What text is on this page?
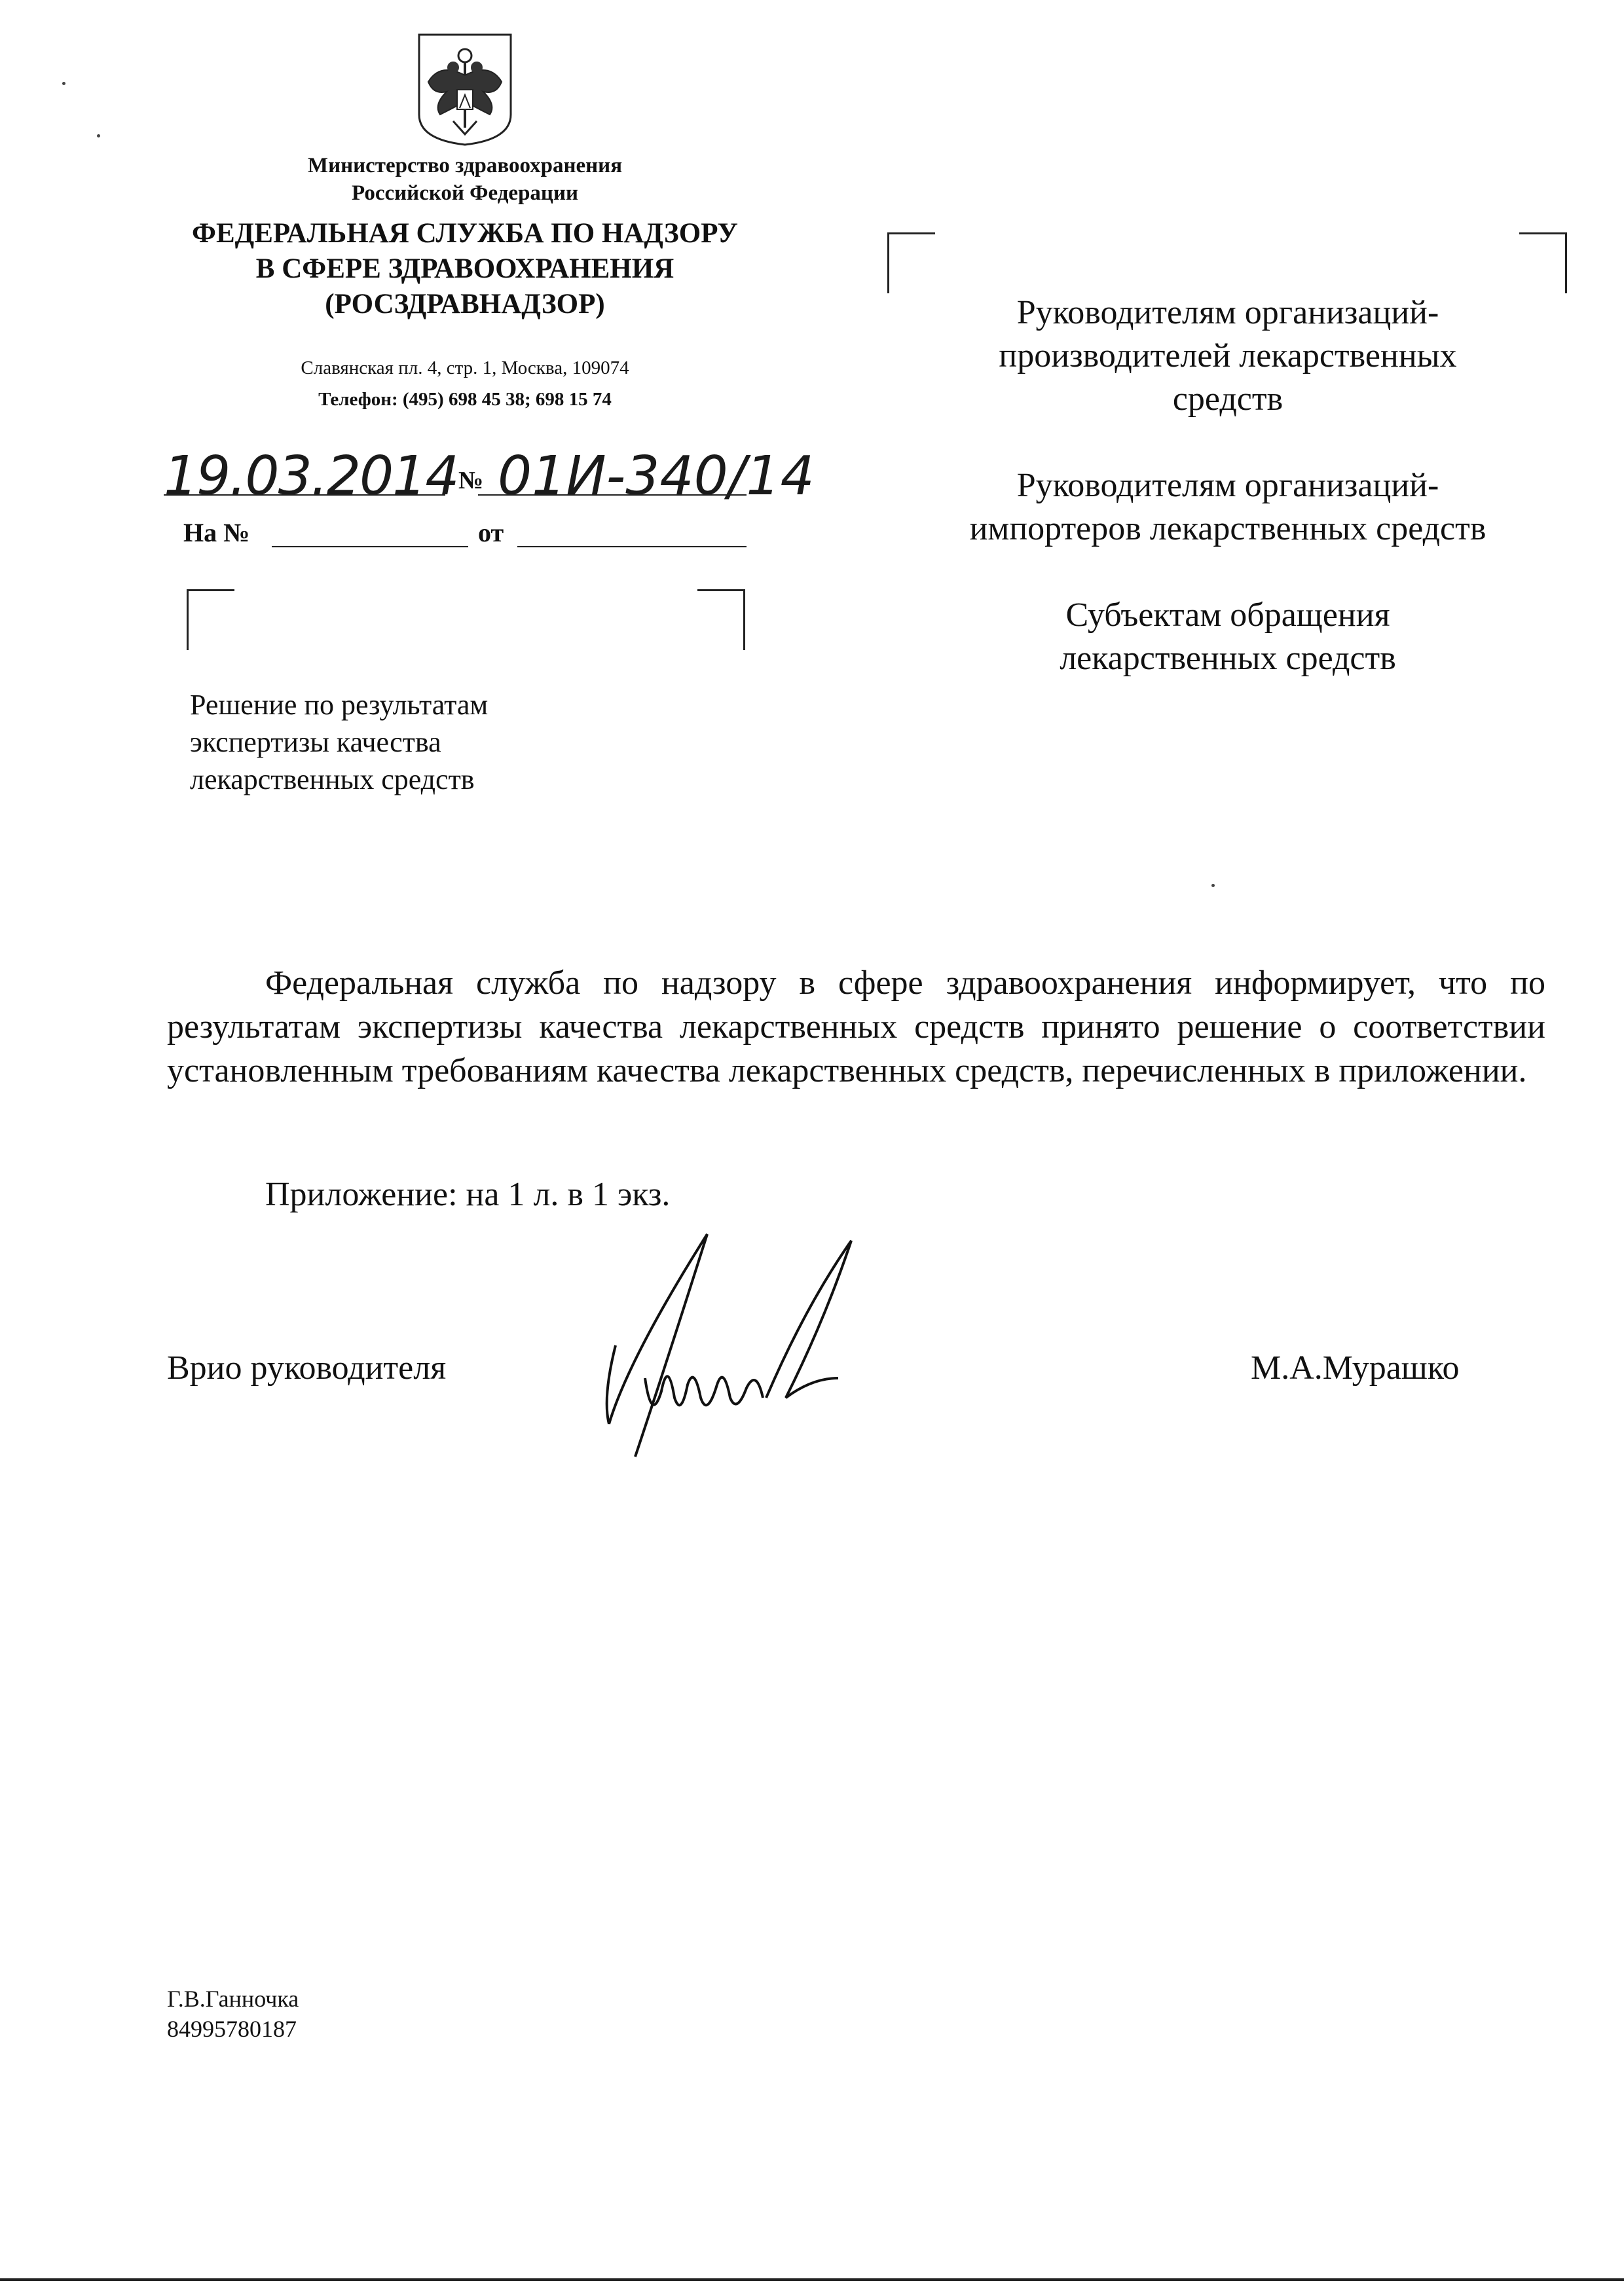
Министерство здравоохранения
Российской Федерации
ФЕДЕРАЛЬНАЯ СЛУЖБА ПО НАДЗОРУ
В СФЕРЕ ЗДРАВООХРАНЕНИЯ
(РОСЗДРАВНАДЗОР)
Славянская пл. 4, стр. 1, Москва, 109074
Телефон: (495) 698 45 38; 698 15 74
19.03.2014 № 01И-340/14
На №	от
Руководителям организаций-
производителей лекарственных
средств
Руководителям организаций-
импортеров лекарственных средств
Субъектам обращения
лекарственных средств
Решение по результатам
экспертизы качества
лекарственных средств
Федеральная служба по надзору в сфере здравоохранения информирует, что по результатам экспертизы качества лекарственных средств принято решение о соответствии установленным требованиям качества лекарственных средств, перечисленных в приложении.
Приложение: на 1 л. в 1 экз.
Врио руководителя	М.А.Мурашко
Г.В.Ганночка
84995780187
